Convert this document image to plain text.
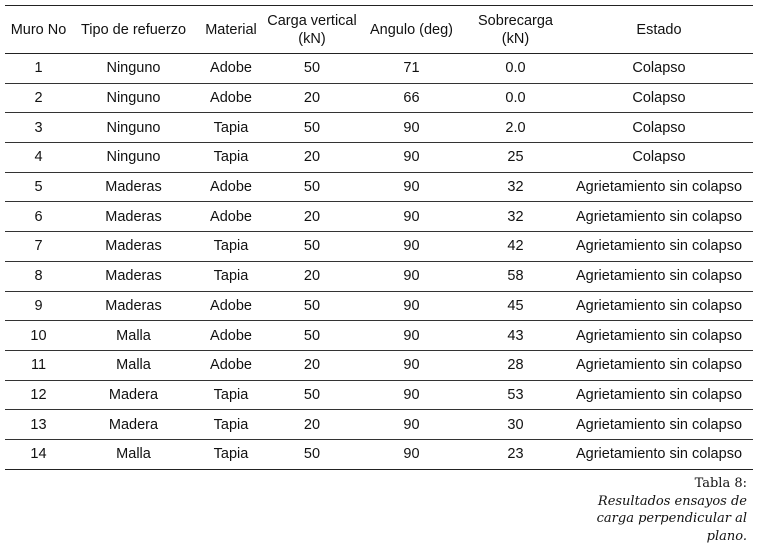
Muro No	Tipo de refuerzo	Material	Carga vertical (kN)	Angulo (deg)	Sobrecarga (kN)	Estado
1	Ninguno	Adobe	50	71	0.0	Colapso
2	Ninguno	Adobe	20	66	0.0	Colapso
3	Ninguno	Tapia	50	90	2.0	Colapso
4	Ninguno	Tapia	20	90	25	Colapso
5	Maderas	Adobe	50	90	32	Agrietamiento sin colapso
6	Maderas	Adobe	20	90	32	Agrietamiento sin colapso
7	Maderas	Tapia	50	90	42	Agrietamiento sin colapso
8	Maderas	Tapia	20	90	58	Agrietamiento sin colapso
9	Maderas	Adobe	50	90	45	Agrietamiento sin colapso
10	Malla	Adobe	50	90	43	Agrietamiento sin colapso
11	Malla	Adobe	20	90	28	Agrietamiento sin colapso
12	Madera	Tapia	50	90	53	Agrietamiento sin colapso
13	Madera	Tapia	20	90	30	Agrietamiento sin colapso
14	Malla	Tapia	50	90	23	Agrietamiento sin colapso
Tabla 8:
Resultados ensayos de carga perpendicular al plano.
